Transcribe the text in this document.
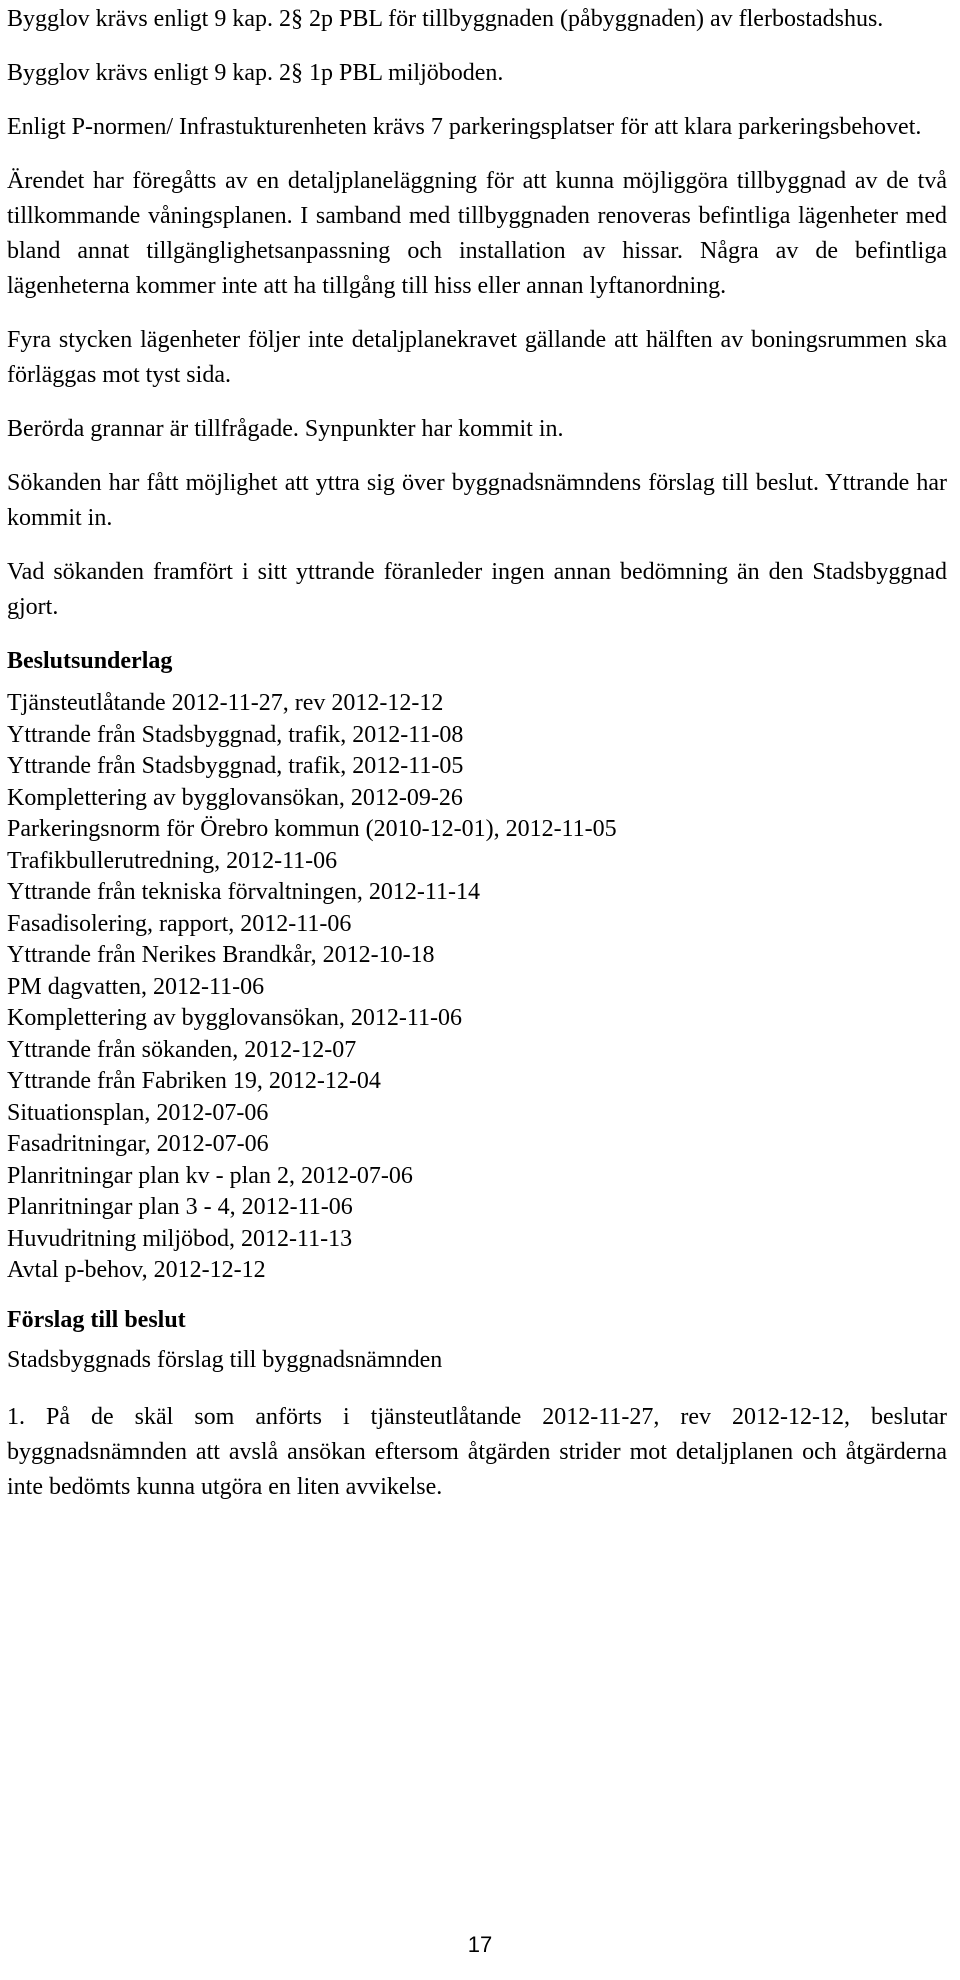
Bygglov krävs enligt 9 kap. 2§ 2p PBL för tillbyggnaden (påbyggnaden) av flerbostadshus.

Bygglov krävs enligt 9 kap. 2§ 1p PBL miljöboden.

Enligt P-normen/ Infrastukturenheten krävs 7 parkeringsplatser för att klara parkeringsbehovet.

Ärendet har föregåtts av en detaljplaneläggning för att kunna möjliggöra tillbyggnad av de två tillkommande våningsplanen. I samband med tillbyggnaden renoveras befintliga lägenheter med bland annat tillgänglighetsanpassning och installation av hissar. Några av de befintliga lägenheterna kommer inte att ha tillgång till hiss eller annan lyftanordning.

Fyra stycken lägenheter följer inte detaljplanekravet gällande att hälften av boningsrummen ska förläggas mot tyst sida.

Berörda grannar är tillfrågade. Synpunkter har kommit in.

Sökanden har fått möjlighet att yttra sig över byggnadsnämndens förslag till beslut. Yttrande har kommit in.

Vad sökanden framfört i sitt yttrande föranleder ingen annan bedömning än den Stadsbyggnad gjort.

Beslutsunderlag
Tjänsteutlåtande 2012-11-27, rev 2012-12-12
Yttrande från Stadsbyggnad, trafik, 2012-11-08
Yttrande från Stadsbyggnad, trafik, 2012-11-05
Komplettering av bygglovansökan, 2012-09-26
Parkeringsnorm för Örebro kommun (2010-12-01), 2012-11-05
Trafikbullerutredning, 2012-11-06
Yttrande från tekniska förvaltningen, 2012-11-14
Fasadisolering, rapport, 2012-11-06
Yttrande från Nerikes Brandkår, 2012-10-18
PM dagvatten, 2012-11-06
Komplettering av bygglovansökan, 2012-11-06
Yttrande från sökanden, 2012-12-07
Yttrande från Fabriken 19, 2012-12-04
Situationsplan, 2012-07-06
Fasadritningar, 2012-07-06
Planritningar plan kv - plan 2, 2012-07-06
Planritningar plan 3 - 4, 2012-11-06
Huvudritning miljöbod, 2012-11-13
Avtal p-behov, 2012-12-12
Förslag till beslut

Stadsbyggnads förslag till byggnadsnämnden

1. På de skäl som anförts i tjänsteutlåtande 2012-11-27, rev 2012-12-12, beslutar byggnadsnämnden att avslå ansökan eftersom åtgärden strider mot detaljplanen och åtgärderna inte bedömts kunna utgöra en liten avvikelse.

17
